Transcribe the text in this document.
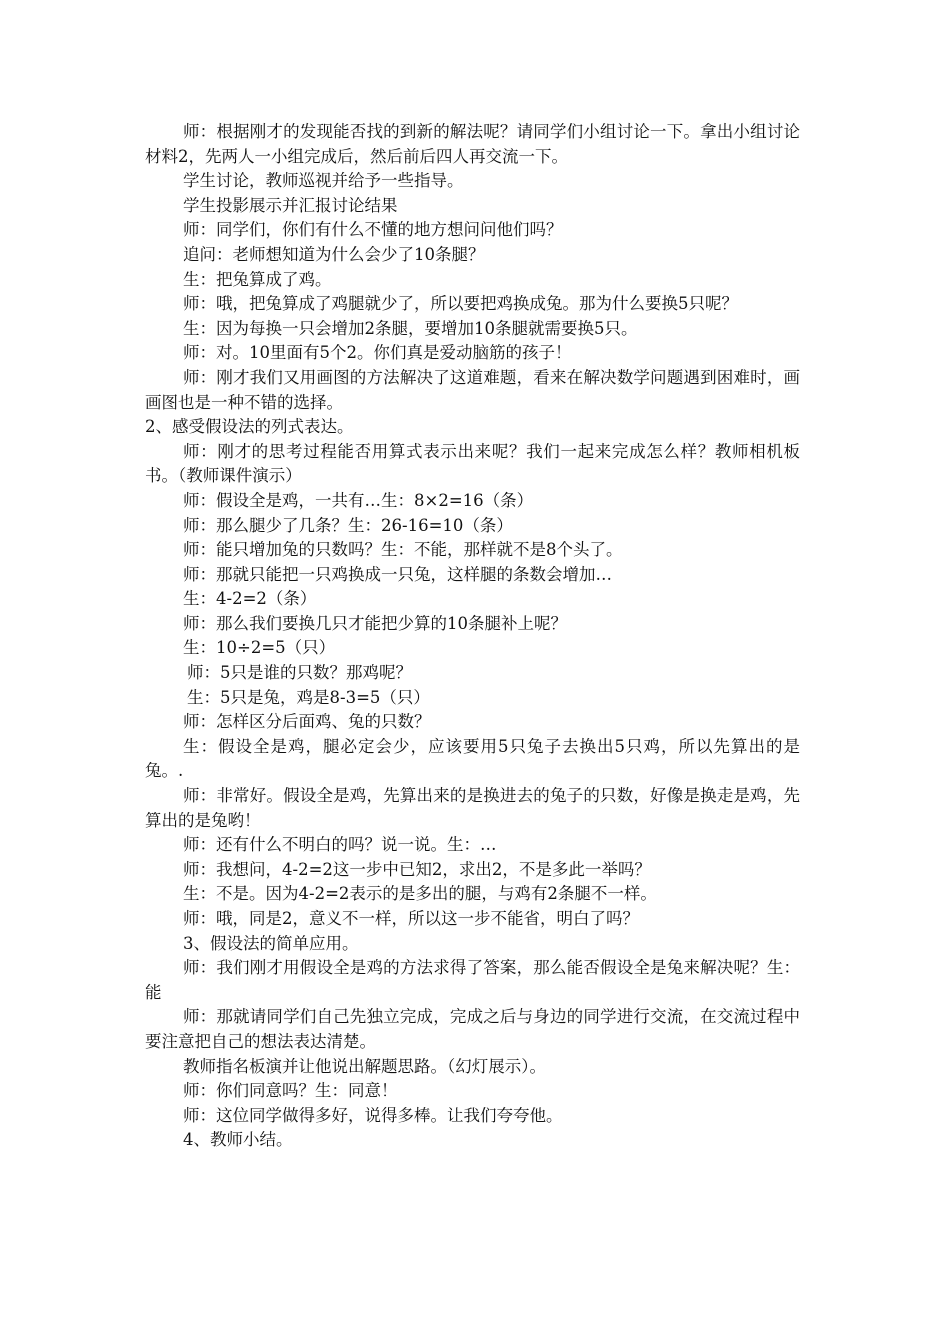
师：根据刚才的发现能否找的到新的解法呢？请同学们小组讨论一下。拿出小组讨论材料2，先两人一小组完成后，然后前后四人再交流一下。

学生讨论，教师巡视并给予一些指导。

学生投影展示并汇报讨论结果

师：同学们，你们有什么不懂的地方想问问他们吗？

追问：老师想知道为什么会少了10条腿？

生：把兔算成了鸡。

师：哦，把兔算成了鸡腿就少了，所以要把鸡换成兔。那为什么要换5只呢？

生：因为每换一只会增加2条腿，要增加10条腿就需要换5只。

师：对。10里面有5个2。你们真是爱动脑筋的孩子！

师：刚才我们又用画图的方法解决了这道难题，看来在解决数学问题遇到困难时，画画图也是一种不错的选择。

2、感受假设法的列式表达。

师：刚才的思考过程能否用算式表示出来呢？我们一起来完成怎么样？教师相机板书。（教师课件演示）

师：假设全是鸡，一共有…生：8×2=16（条）

师：那么腿少了几条？生：26-16=10（条）

师：能只增加兔的只数吗？生：不能，那样就不是8个头了。

师：那就只能把一只鸡换成一只兔，这样腿的条数会增加…

生：4-2=2（条）

师：那么我们要换几只才能把少算的10条腿补上呢？

生：10÷2=5（只）

师：5只是谁的只数？那鸡呢？

生：5只是兔，鸡是8-3=5（只）

师：怎样区分后面鸡、兔的只数？

生：假设全是鸡，腿必定会少，应该要用5只兔子去换出5只鸡，所以先算出的是兔。.

师：非常好。假设全是鸡，先算出来的是换进去的兔子的只数，好像是换走是鸡，先算出的是兔哟！

师：还有什么不明白的吗？说一说。生：…

师：我想问，4-2=2这一步中已知2，求出2，不是多此一举吗？

生：不是。因为4-2=2表示的是多出的腿，与鸡有2条腿不一样。

师：哦，同是2，意义不一样，所以这一步不能省，明白了吗？

3、假设法的简单应用。

师：我们刚才用假设全是鸡的方法求得了答案，那么能否假设全是兔来解决呢？生：能

师：那就请同学们自己先独立完成，完成之后与身边的同学进行交流，在交流过程中要注意把自己的想法表达清楚。

教师指名板演并让他说出解题思路。（幻灯展示）。

师：你们同意吗？生：同意！

师：这位同学做得多好，说得多棒。让我们夸夸他。

4、教师小结。
